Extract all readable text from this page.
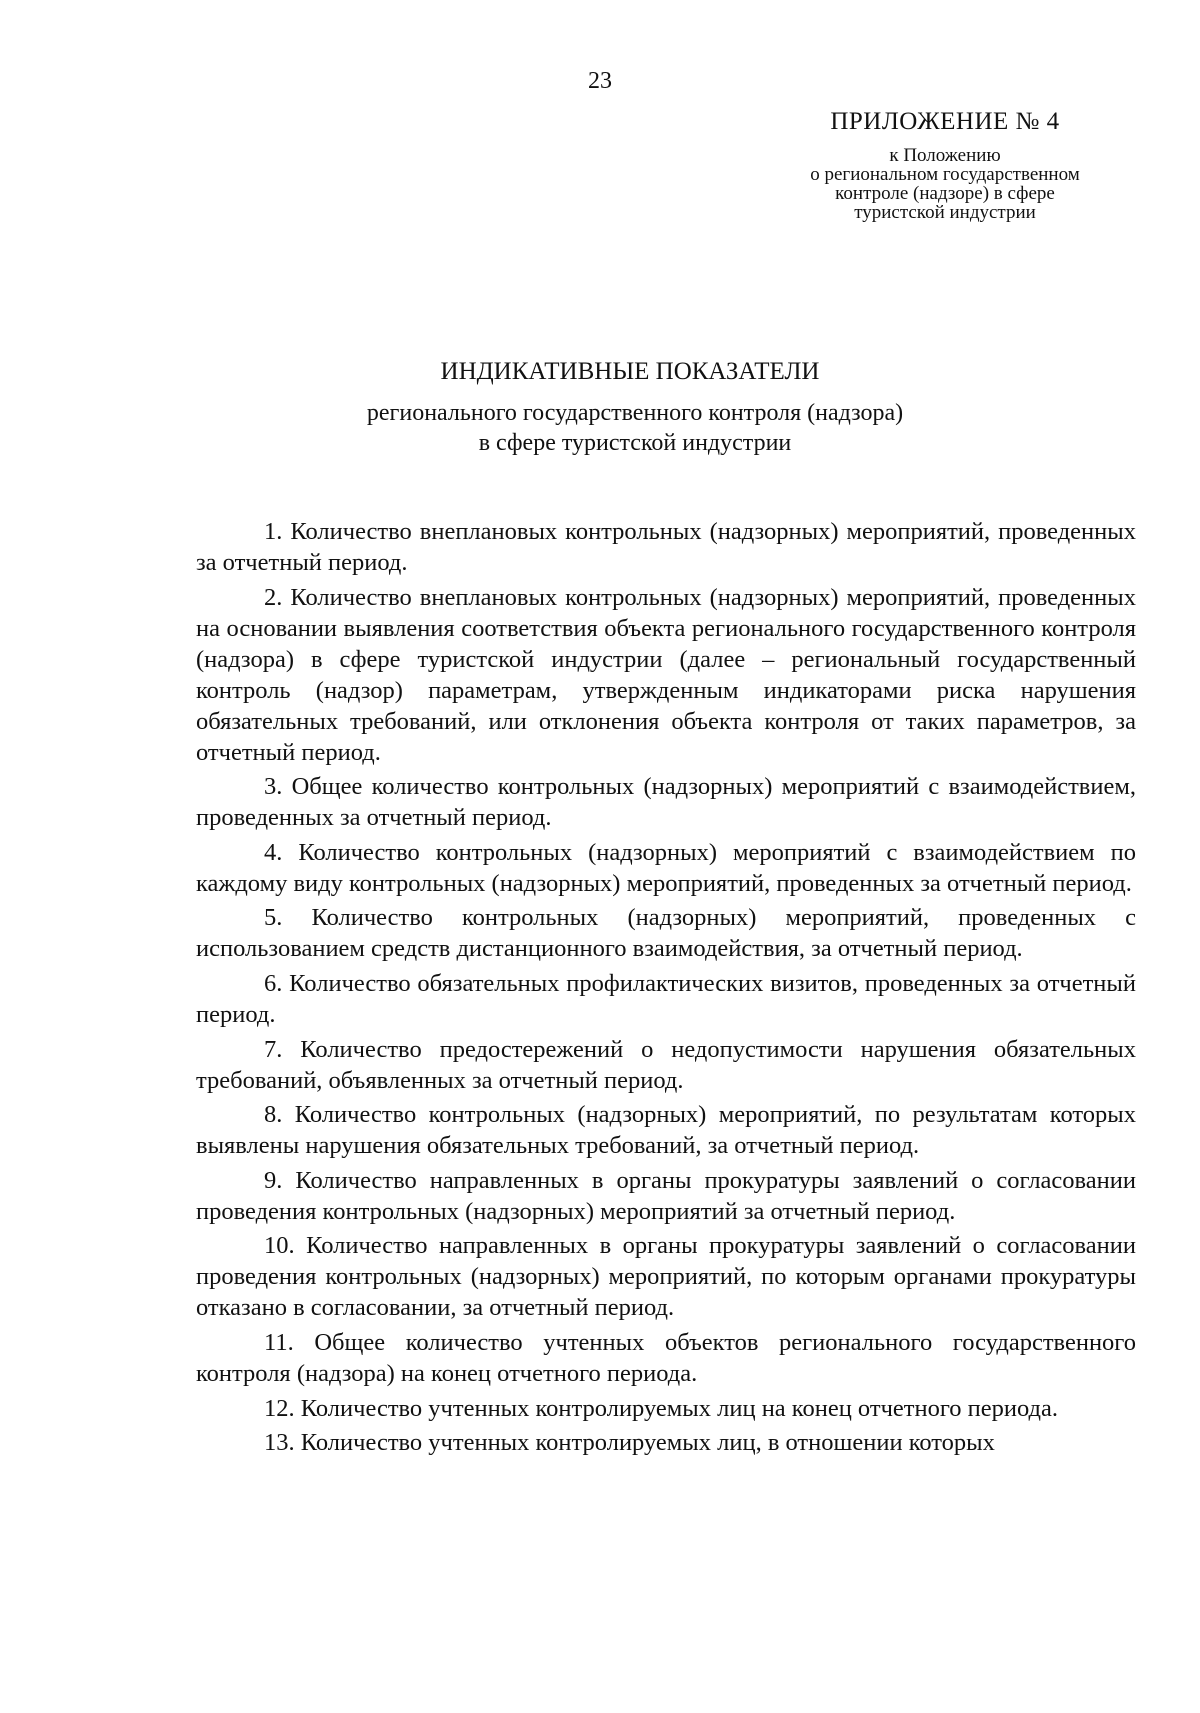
23
ПРИЛОЖЕНИЕ № 4
к Положению
о региональном государственном
контроле (надзоре) в сфере
туристской индустрии
ИНДИКАТИВНЫЕ ПОКАЗАТЕЛИ
регионального государственного контроля (надзора)
в сфере туристской индустрии
1. Количество внеплановых контрольных (надзорных) мероприятий, проведенных за отчетный период.
2. Количество внеплановых контрольных (надзорных) мероприятий, проведенных на основании выявления соответствия объекта регионального государственного контроля (надзора) в сфере туристской индустрии (далее – региональный государственный контроль (надзор) параметрам, утвержденным индикаторами риска нарушения обязательных требований, или отклонения объекта контроля от таких параметров, за отчетный период.
3. Общее количество контрольных (надзорных) мероприятий с взаимодействием, проведенных за отчетный период.
4. Количество контрольных (надзорных) мероприятий с взаимодействием по каждому виду контрольных (надзорных) мероприятий, проведенных за отчетный период.
5. Количество контрольных (надзорных) мероприятий, проведенных с использованием средств дистанционного взаимодействия, за отчетный период.
6. Количество обязательных профилактических визитов, проведенных за отчетный период.
7. Количество предостережений о недопустимости нарушения обязательных требований, объявленных за отчетный период.
8. Количество контрольных (надзорных) мероприятий, по результатам которых выявлены нарушения обязательных требований, за отчетный период.
9. Количество направленных в органы прокуратуры заявлений о согласовании проведения контрольных (надзорных) мероприятий за отчетный период.
10. Количество направленных в органы прокуратуры заявлений о согласовании проведения контрольных (надзорных) мероприятий, по которым органами прокуратуры отказано в согласовании, за отчетный период.
11. Общее количество учтенных объектов регионального государственного контроля (надзора) на конец отчетного периода.
12. Количество учтенных контролируемых лиц на конец отчетного периода.
13. Количество учтенных контролируемых лиц, в отношении которых
